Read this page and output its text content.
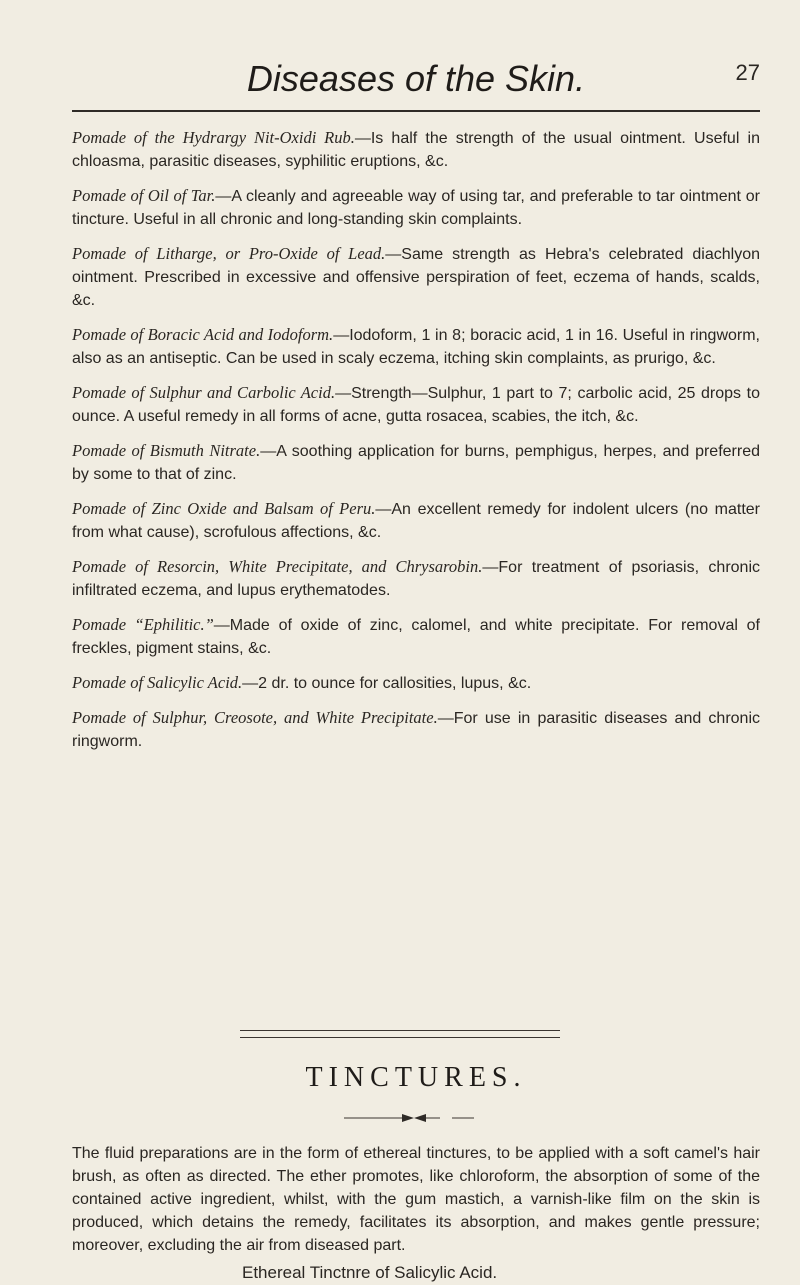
Diseases of the Skin.	27

Pomade of the Hydrargy Nit-Oxidi Rub.—Is half the strength of the usual ointment. Useful in chloasma, parasitic diseases, syphilitic eruptions, &c.

Pomade of Oil of Tar.—A cleanly and agreeable way of using tar, and preferable to tar ointment or tincture. Useful in all chronic and long-standing skin complaints.

Pomade of Litharge, or Pro-Oxide of Lead.—Same strength as Hebra's celebrated diachlyon ointment. Prescribed in excessive and offensive perspiration of feet, eczema of hands, scalds, &c.

Pomade of Boracic Acid and Iodoform.—Iodoform, 1 in 8; boracic acid, 1 in 16. Useful in ringworm, also as an antiseptic. Can be used in scaly eczema, itching skin complaints, as prurigo, &c.

Pomade of Sulphur and Carbolic Acid.—Strength—Sulphur, 1 part to 7; carbolic acid, 25 drops to ounce. A useful remedy in all forms of acne, gutta rosacea, scabies, the itch, &c.

Pomade of Bismuth Nitrate.—A soothing application for burns, pemphigus, herpes, and preferred by some to that of zinc.

Pomade of Zinc Oxide and Balsam of Peru.—An excellent remedy for indolent ulcers (no matter from what cause), scrofulous affections, &c.

Pomade of Resorcin, White Precipitate, and Chrysarobin.—For treatment of psoriasis, chronic infiltrated eczema, and lupus erythematodes.

Pomade “Ephilitic.”—Made of oxide of zinc, calomel, and white precipitate. For removal of freckles, pigment stains, &c.

Pomade of Salicylic Acid.—2 dr. to ounce for callosities, lupus, &c.

Pomade of Sulphur, Creosote, and White Precipitate.—For use in parasitic diseases and chronic ringworm.

TINCTURES.

The fluid preparations are in the form of ethereal tinctures, to be applied with a soft camel's hair brush, as often as directed. The ether promotes, like chloroform, the absorption of some of the contained active ingredient, whilst, with the gum mastich, a varnish-like film on the skin is produced, which detains the remedy, facilitates its absorption, and makes gentle pressure; moreover, excluding the air from diseased part.

Ethereal Tinctnre of Salicylic Acid.
